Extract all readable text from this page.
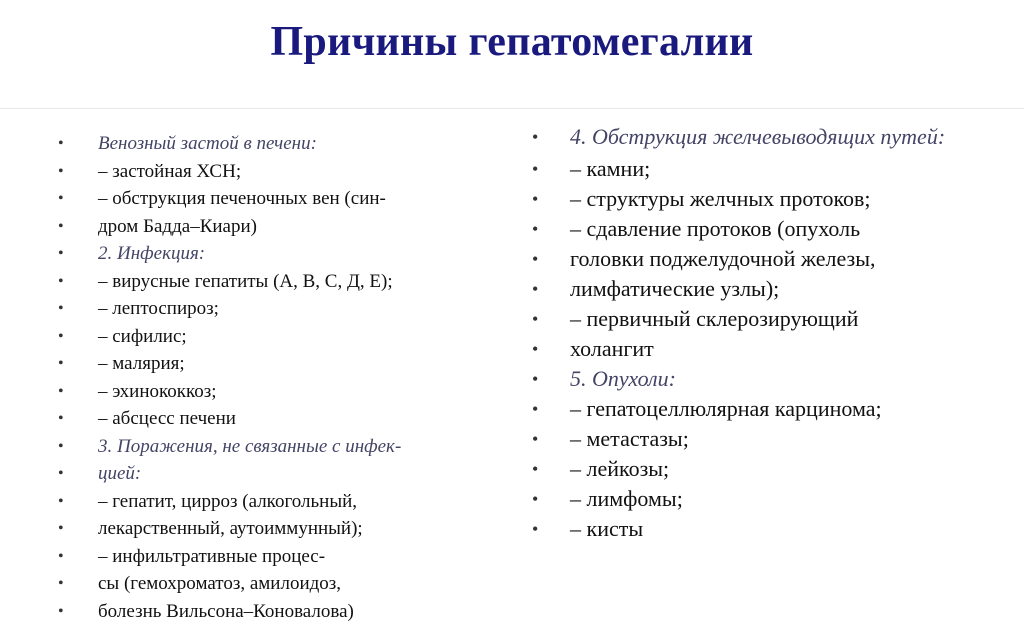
Причины гепатомегалии
• Венозный застой в печени:
• – застойная ХСН;
• – обструкция печеночных вен (син-
• дром Бадда–Киари)
• 2. Инфекция:
• – вирусные гепатиты (А, В, С, Д, Е);
• – лептоспироз;
• – сифилис;
• – малярия;
• – эхинококкоз;
• – абсцесс печени
• 3. Поражения, не связанные с инфек-
• цией:
• – гепатит, цирроз (алкогольный,
• лекарственный, аутоиммунный);
• – инфильтративные процес-
• сы (гемохроматоз, амилоидоз,
• болезнь Вильсона–Коновалова)
• 4. Обструкция желчевыводящих путей:
• – камни;
• – структуры желчных протоков;
• – сдавление протоков (опухоль
• головки поджелудочной железы,
• лимфатические узлы);
• – первичный склерозирующий
• холангит
• 5. Опухоли:
• – гепатоцеллюлярная карцинома;
• – метастазы;
• – лейкозы;
• – лимфомы;
• – кисты
